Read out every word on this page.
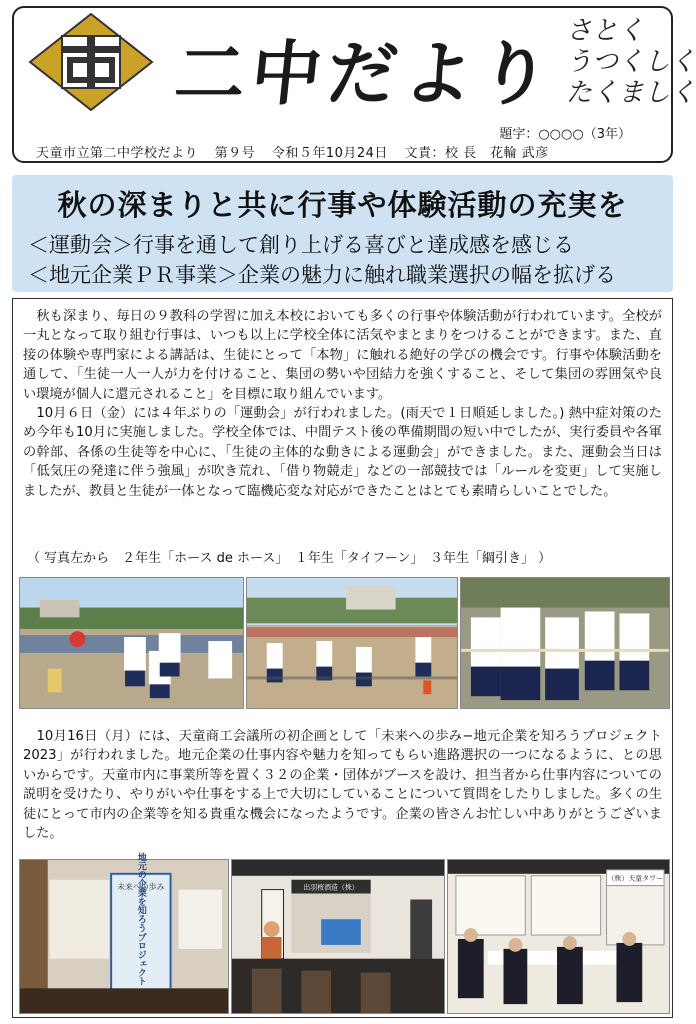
二中だより
さとく
うつくしく
たくましく
題字：○○○○（3年）
天童市立第二中学校だより 第９号 令和５年10月24日 文責：校 長　花輪 武彦
秋の深まりと共に行事や体験活動の充実を
＜運動会＞行事を通して創り上げる喜びと達成感を感じる
＜地元企業ＰＲ事業＞企業の魅力に触れ職業選択の幅を拡げる
　秋も深まり、毎日の９教科の学習に加え本校においても多くの行事や体験活動が行われています。全校が一丸となって取り組む行事は、いつも以上に学校全体に活気やまとまりをつけることができます。また、直接の体験や専門家による講話は、生徒にとって「本物」に触れる絶好の学びの機会です。行事や体験活動を通して、「生徒一人一人が力を付けること、集団の勢いや団結力を強くすること、そして集団の雰囲気や良い環境が個人に還元されること」を目標に取り組んでいます。
　10月６日（金）には４年ぶりの「運動会」が行われました。(雨天で１日順延しました。) 熱中症対策のため今年も10月に実施しました。学校全体では、中間テスト後の準備期間の短い中でしたが、実行委員や各軍の幹部、各係の生徒等を中心に、「生徒の主体的な動きによる運動会」ができました。また、運動会当日は「低気圧の発達に伴う強風」が吹き荒れ、「借り物競走」などの一部競技では「ルールを変更」して実施しましたが、教員と生徒が一体となって臨機応変な対応ができたことはとても素晴らしいことでした。
（ 写真左から　２年生「ホース de ホース」　１年生「タイフーン」　３年生「綱引き」 ）
　10月16日（月）には、天童商工会議所の初企画として「未来への歩み−地元企業を知ろうプロジェクト2023」が行われました。地元企業の仕事内容や魅力を知ってもらい進路選択の一つになるように、との思いからです。天童市内に事業所等を置く３２の企業・団体がブースを設け、担当者から仕事内容についての説明を受けたり、やりがいや仕事をする上で大切にしていることについて質問をしたりしました。多くの生徒にとって市内の企業等を知る貴重な機会になったようです。企業の皆さんお忙しい中ありがとうございました。
未来への歩み
地元の企業を知ろうプロジェクト	出羽桜酒造（株）
（株）天童タワー
